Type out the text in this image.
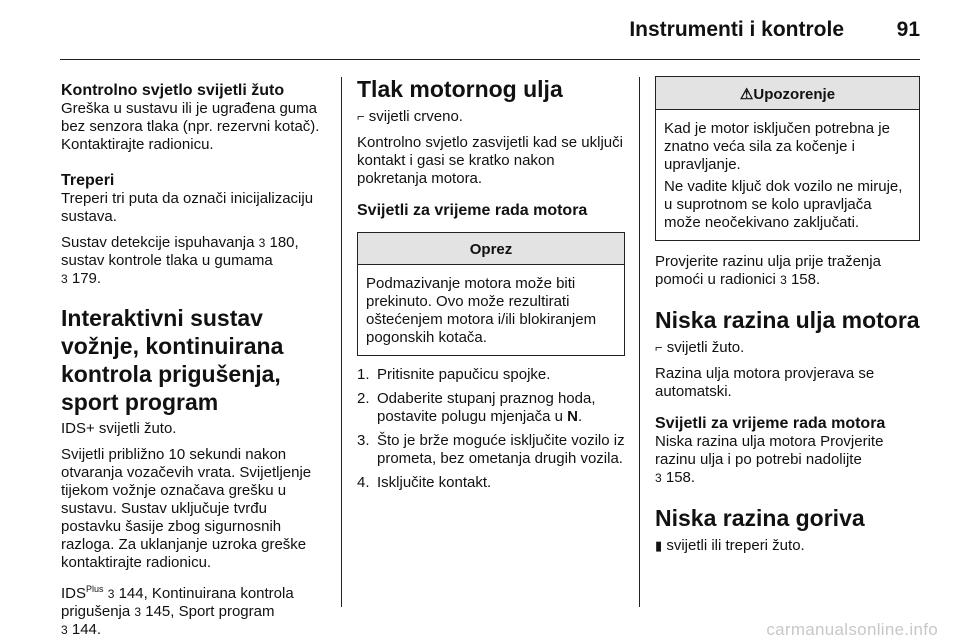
Instrumenti i kontrole	91

Kontrolno svjetlo svijetli žuto

Greška u sustavu ili je ugrađena guma bez senzora tlaka (npr. rezervni kotač). Kontaktirajte radionicu.

Treperi

Treperi tri puta da označi inicijalizaciju sustava.

Sustav detekcije ispuhavanja 3 180, sustav kontrole tlaka u gumama
3 179.

Interaktivni sustav vožnje, kontinuirana kontrola prigušenja, sport program

IDS+ svijetli žuto.

Svijetli približno 10 sekundi nakon otvaranja vozačevih vrata. Svijetljenje tijekom vožnje označava grešku u sustavu. Sustav uključuje tvrđu postavku šasije zbog sigurnosnih razloga. Za uklanjanje uzroka greške kontaktirajte radionicu.

$IDS^{Plus}$ 3 144, Kontinuirana kontrola prigušenja 3 145, Sport program
3 144.

Tlak motornog ulja

⌐ svijetli crveno.

Kontrolno svjetlo zasvijetli kad se uključi kontakt i gasi se kratko nakon pokretanja motora.

Svijetli za vrijeme rada motora

Oprez

Podmazivanje motora može biti prekinuto. Ovo može rezultirati oštećenjem motora i/ili blokiranjem pogonskih kotača.

1. Pritisnite papučicu spojke.
2. Odaberite stupanj praznog hoda, postavite polugu mjenjača u N.
3. Što je brže moguće isključite vozilo iz prometa, bez ometanja drugih vozila.
4. Isključite kontakt.
⚠Upozorenje

Kad je motor isključen potrebna je znatno veća sila za kočenje i upravljanje.

Ne vadite ključ dok vozilo ne miruje, u suprotnom se kolo upravljača može neočekivano zaključati.

Provjerite razinu ulja prije traženja pomoći u radionici 3 158.

Niska razina ulja motora

⌐ svijetli žuto.

Razina ulja motora provjerava se automatski.

Svijetli za vrijeme rada motora

Niska razina ulja motora Provjerite razinu ulja i po potrebi nadolijte
3 158.

Niska razina goriva

▮ svijetli ili treperi žuto.

carmanualsonline.info
